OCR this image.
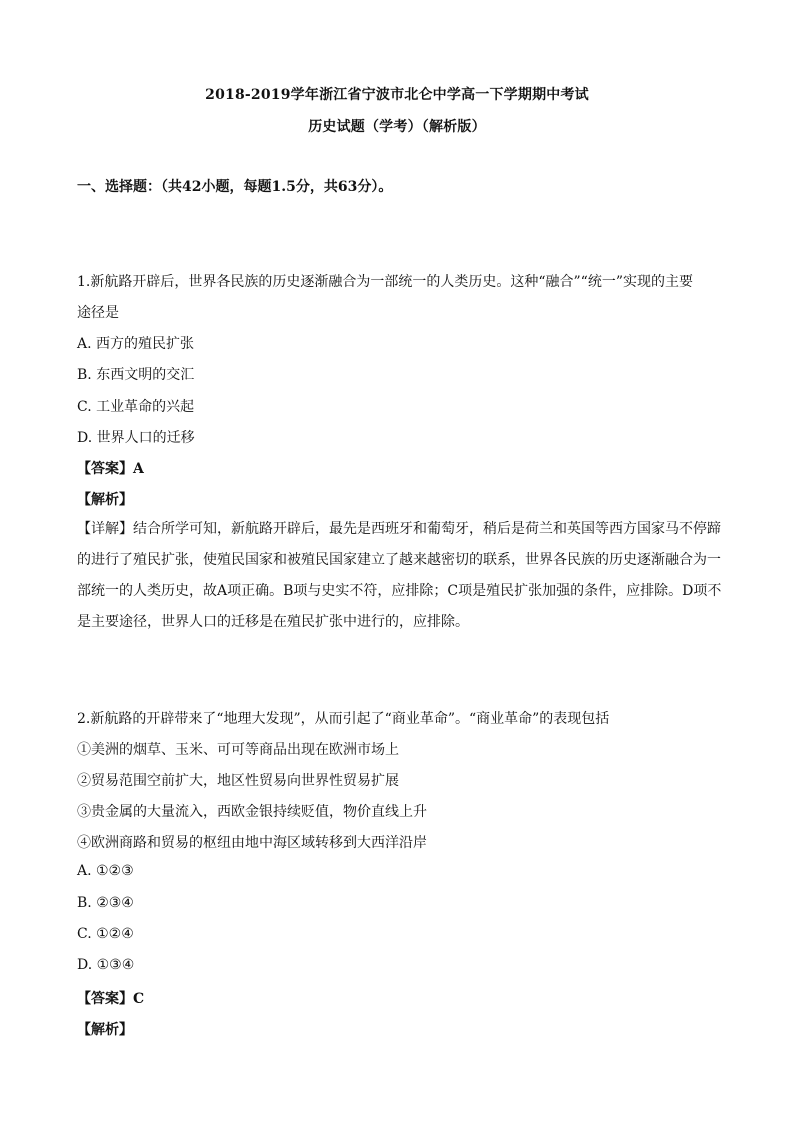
2018-2019学年浙江省宁波市北仑中学高一下学期期中考试
历史试题（学考）（解析版）
一、选择题：（共42小题，每题1.5分，共63分）。
1.新航路开辟后，世界各民族的历史逐渐融合为一部统一的人类历史。这种“融合”“统一”实现的主要
途径是
A. 西方的殖民扩张
B. 东西文明的交汇
C. 工业革命的兴起
D. 世界人口的迁移
【答案】A
【解析】
【详解】结合所学可知，新航路开辟后，最先是西班牙和葡萄牙，稍后是荷兰和英国等西方国家马不停蹄的进行了殖民扩张，使殖民国家和被殖民国家建立了越来越密切的联系，世界各民族的历史逐渐融合为一部统一的人类历史，故A项正确。B项与史实不符，应排除；C项是殖民扩张加强的条件，应排除。D项不是主要途径，世界人口的迁移是在殖民扩张中进行的，应排除。
2.新航路的开辟带来了“地理大发现”，从而引起了“商业革命”。“商业革命”的表现包括
①美洲的烟草、玉米、可可等商品出现在欧洲市场上
②贸易范围空前扩大，地区性贸易向世界性贸易扩展
③贵金属的大量流入，西欧金银持续贬值，物价直线上升
④欧洲商路和贸易的枢纽由地中海区域转移到大西洋沿岸
A. ①②③
B. ②③④
C. ①②④
D. ①③④
【答案】C
【解析】
